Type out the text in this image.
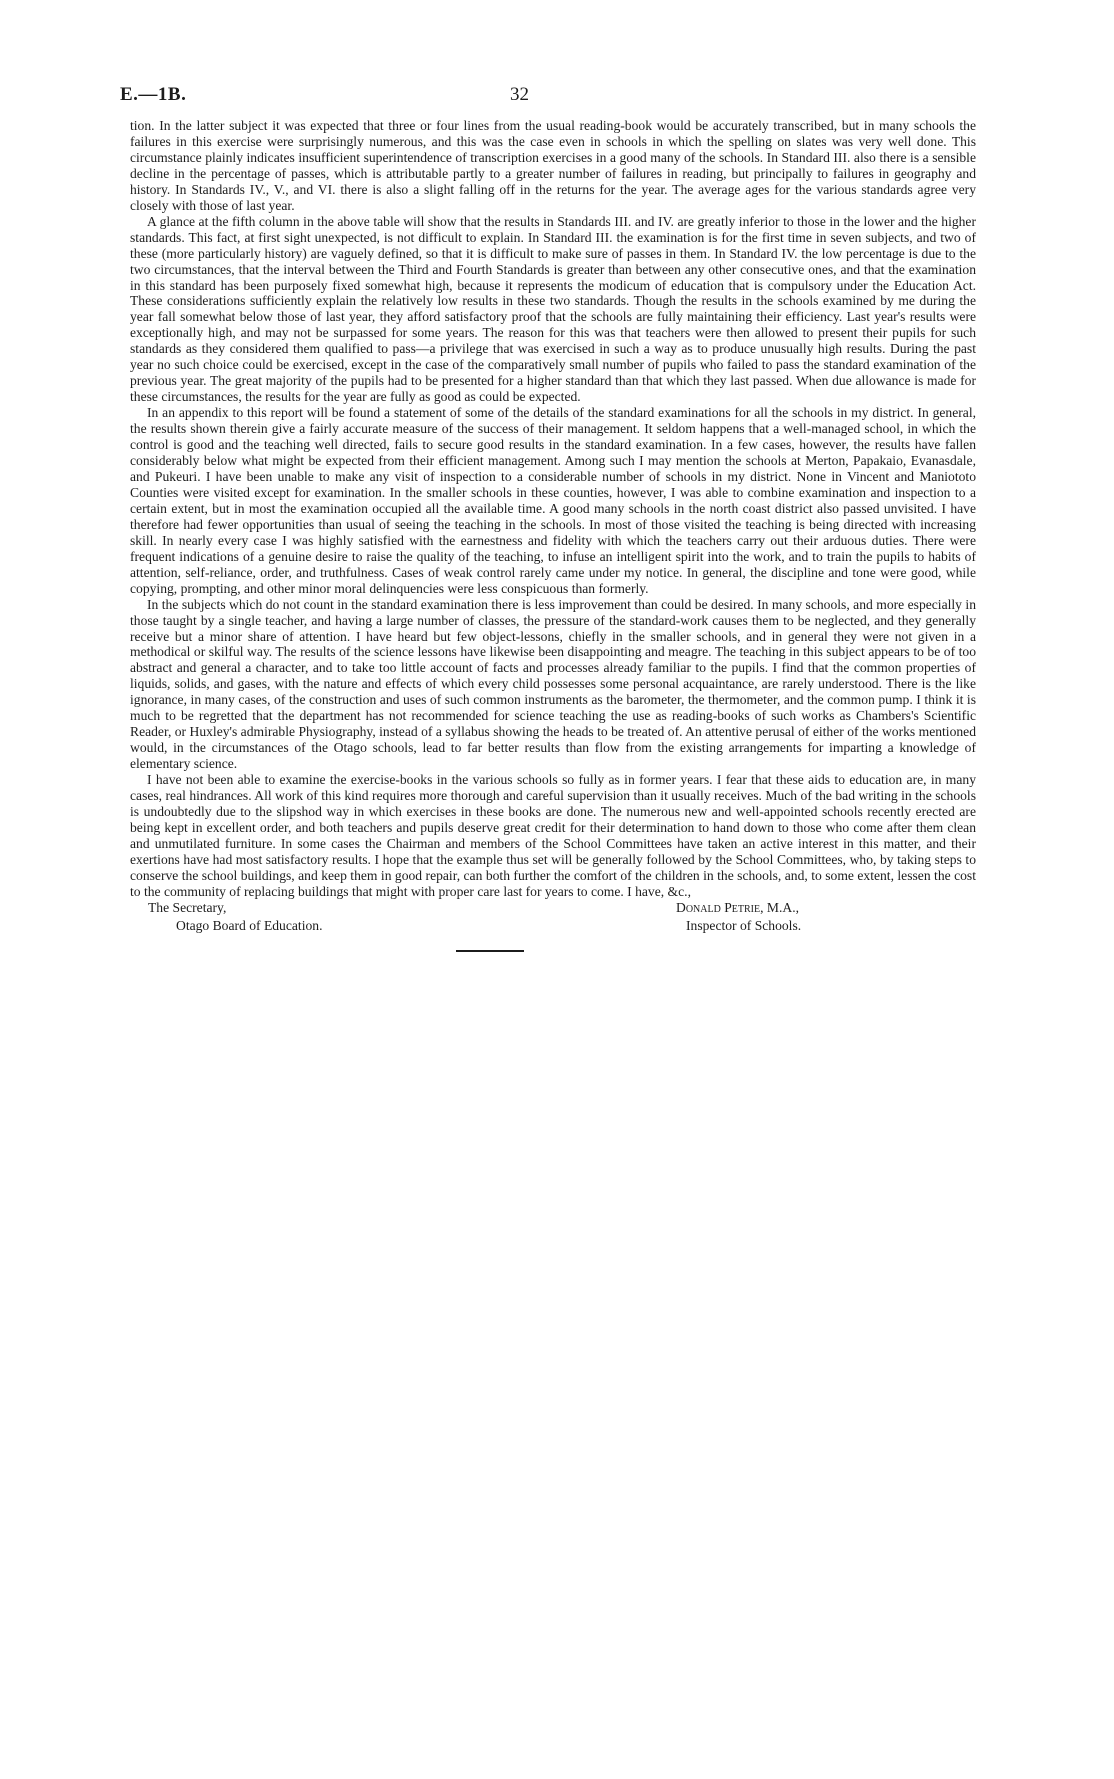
E.—1B.	32

tion. In the latter subject it was expected that three or four lines from the usual reading-book would be accurately transcribed, but in many schools the failures in this exercise were surprisingly numerous, and this was the case even in schools in which the spelling on slates was very well done. This circumstance plainly indicates insufficient superintendence of transcription exercises in a good many of the schools. In Standard III. also there is a sensible decline in the percentage of passes, which is attributable partly to a greater number of failures in reading, but principally to failures in geography and history. In Standards IV., V., and VI. there is also a slight falling off in the returns for the year. The average ages for the various standards agree very closely with those of last year.

A glance at the fifth column in the above table will show that the results in Standards III. and IV. are greatly inferior to those in the lower and the higher standards. This fact, at first sight unexpected, is not difficult to explain. In Standard III. the examination is for the first time in seven subjects, and two of these (more particularly history) are vaguely defined, so that it is difficult to make sure of passes in them. In Standard IV. the low percentage is due to the two circumstances, that the interval between the Third and Fourth Standards is greater than between any other consecutive ones, and that the examination in this standard has been purposely fixed somewhat high, because it represents the modicum of education that is compulsory under the Education Act. These considerations sufficiently explain the relatively low results in these two standards. Though the results in the schools examined by me during the year fall somewhat below those of last year, they afford satisfactory proof that the schools are fully maintaining their efficiency. Last year's results were exceptionally high, and may not be surpassed for some years. The reason for this was that teachers were then allowed to present their pupils for such standards as they considered them qualified to pass—a privilege that was exercised in such a way as to produce unusually high results. During the past year no such choice could be exercised, except in the case of the comparatively small number of pupils who failed to pass the standard examination of the previous year. The great majority of the pupils had to be presented for a higher standard than that which they last passed. When due allowance is made for these circumstances, the results for the year are fully as good as could be expected.

In an appendix to this report will be found a statement of some of the details of the standard examinations for all the schools in my district. In general, the results shown therein give a fairly accurate measure of the success of their management. It seldom happens that a well-managed school, in which the control is good and the teaching well directed, fails to secure good results in the standard examination. In a few cases, however, the results have fallen considerably below what might be expected from their efficient management. Among such I may mention the schools at Merton, Papakaio, Evanasdale, and Pukeuri. I have been unable to make any visit of inspection to a considerable number of schools in my district. None in Vincent and Maniototo Counties were visited except for examination. In the smaller schools in these counties, however, I was able to combine examination and inspection to a certain extent, but in most the examination occupied all the available time. A good many schools in the north coast district also passed unvisited. I have therefore had fewer opportunities than usual of seeing the teaching in the schools. In most of those visited the teaching is being directed with increasing skill. In nearly every case I was highly satisfied with the earnestness and fidelity with which the teachers carry out their arduous duties. There were frequent indications of a genuine desire to raise the quality of the teaching, to infuse an intelligent spirit into the work, and to train the pupils to habits of attention, self-reliance, order, and truthfulness. Cases of weak control rarely came under my notice. In general, the discipline and tone were good, while copying, prompting, and other minor moral delinquencies were less conspicuous than formerly.

In the subjects which do not count in the standard examination there is less improvement than could be desired. In many schools, and more especially in those taught by a single teacher, and having a large number of classes, the pressure of the standard-work causes them to be neglected, and they generally receive but a minor share of attention. I have heard but few object-lessons, chiefly in the smaller schools, and in general they were not given in a methodical or skilful way. The results of the science lessons have likewise been disappointing and meagre. The teaching in this subject appears to be of too abstract and general a character, and to take too little account of facts and processes already familiar to the pupils. I find that the common properties of liquids, solids, and gases, with the nature and effects of which every child possesses some personal acquaintance, are rarely understood. There is the like ignorance, in many cases, of the construction and uses of such common instruments as the barometer, the thermometer, and the common pump. I think it is much to be regretted that the department has not recommended for science teaching the use as reading-books of such works as Chambers's Scientific Reader, or Huxley's admirable Physiography, instead of a syllabus showing the heads to be treated of. An attentive perusal of either of the works mentioned would, in the circumstances of the Otago schools, lead to far better results than flow from the existing arrangements for imparting a knowledge of elementary science.

I have not been able to examine the exercise-books in the various schools so fully as in former years. I fear that these aids to education are, in many cases, real hindrances. All work of this kind requires more thorough and careful supervision than it usually receives. Much of the bad writing in the schools is undoubtedly due to the slipshod way in which exercises in these books are done. The numerous new and well-appointed schools recently erected are being kept in excellent order, and both teachers and pupils deserve great credit for their determination to hand down to those who come after them clean and unmutilated furniture. In some cases the Chairman and members of the School Committees have taken an active interest in this matter, and their exertions have had most satisfactory results. I hope that the example thus set will be generally followed by the School Committees, who, by taking steps to conserve the school buildings, and keep them in good repair, can both further the comfort of the children in the schools, and, to some extent, lessen the cost to the community of replacing buildings that might with proper care last for years to come. I have, &c.,

The Secretary,
Otago Board of Education.
Donald Petrie, M.A.,
Inspector of Schools.
